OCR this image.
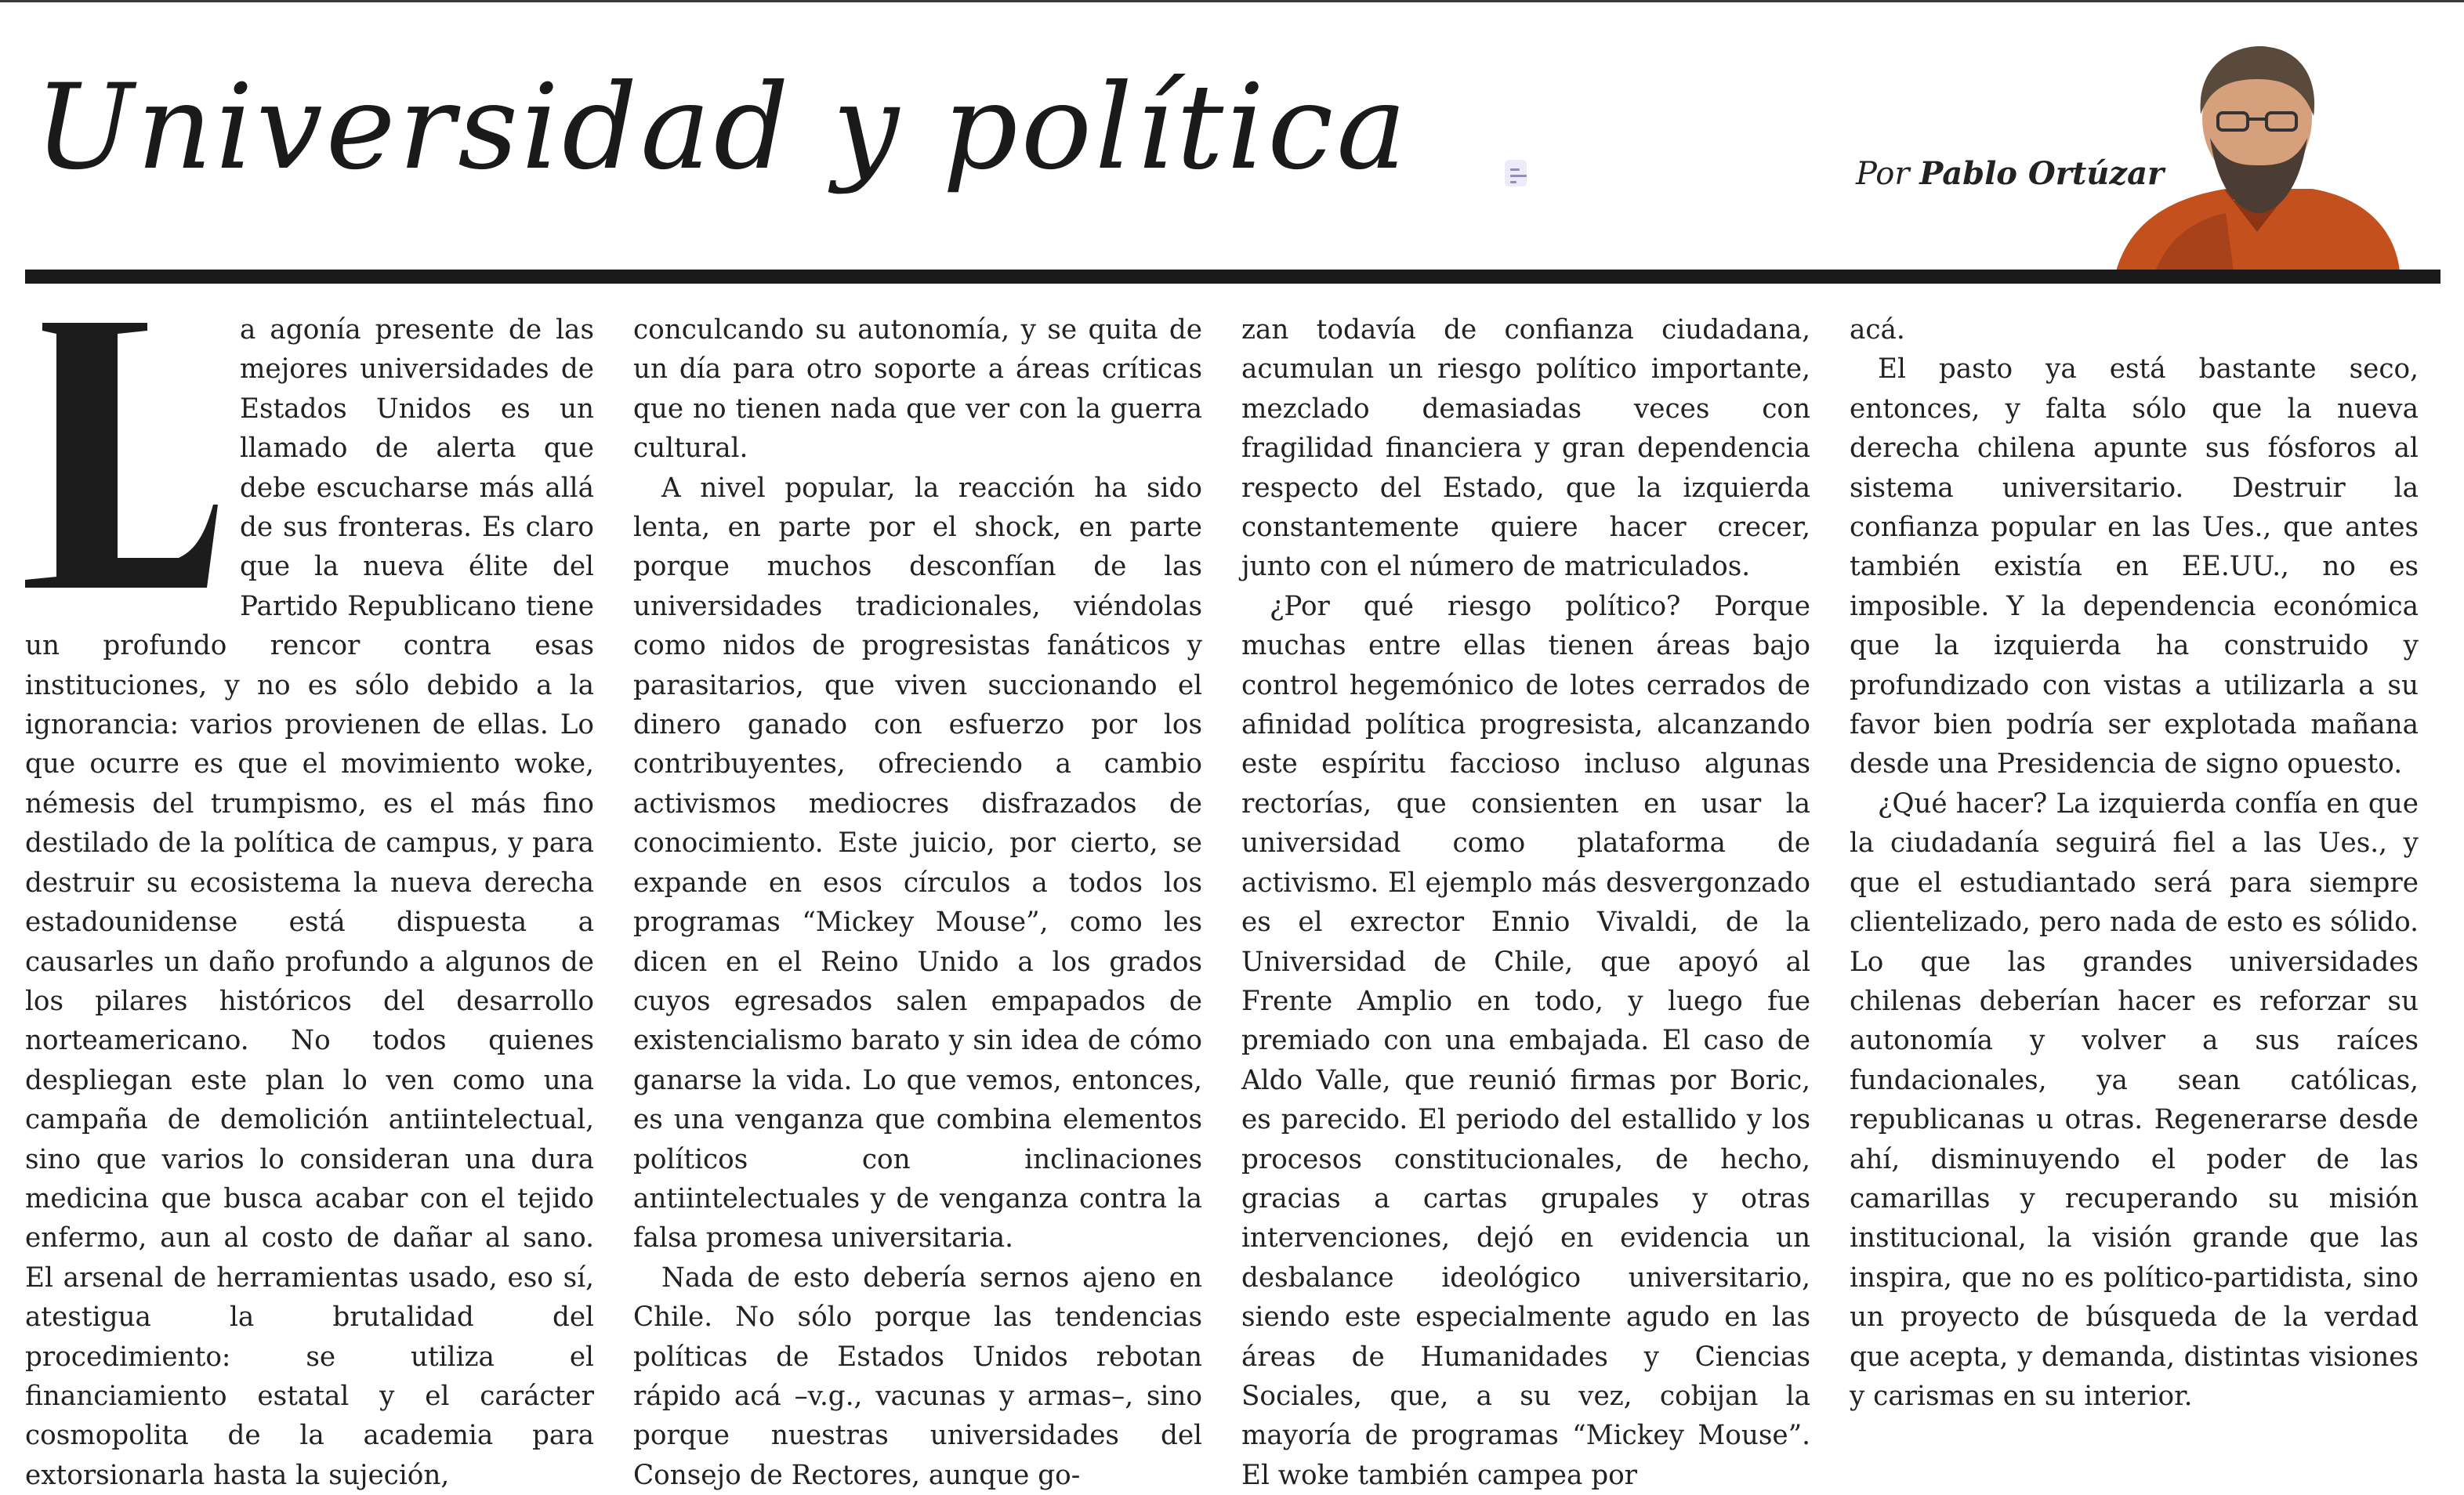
Universidad y política	Por Pablo Ortúzar

a agonía presente de las mejores universidades de Estados Unidos es un llamado de alerta que debe escucharse más allá de sus fronteras. Es claro que la nueva élite del Partido Republicano tiene un profundo rencor contra esas instituciones, y no es sólo debido a la ignorancia: varios provienen de ellas. Lo que ocurre es que el movimiento woke, némesis del trumpismo, es el más fino destilado de la política de campus, y para destruir su ecosistema la nueva derecha estadounidense está dispuesta a causarles un daño profundo a algunos de los pilares históricos del desarrollo norteamericano. No todos quienes despliegan este plan lo ven como una campaña de demolición antiintelectual, sino que varios lo consideran una dura medicina que busca acabar con el tejido enfermo, aun al costo de dañar al sano. El arsenal de herramientas usado, eso sí, atestigua la brutalidad del procedimiento: se utiliza el financiamiento estatal y el carácter cosmopolita de la academia para extorsionarla hasta la sujeción,

conculcando su autonomía, y se quita de un día para otro soporte a áreas críticas que no tienen nada que ver con la guerra cultural.

A nivel popular, la reacción ha sido lenta, en parte por el shock, en parte porque muchos desconfían de las universidades tradicionales, viéndolas como nidos de progresistas fanáticos y parasitarios, que viven succionando el dinero ganado con esfuerzo por los contribuyentes, ofreciendo a cambio activismos mediocres disfrazados de conocimiento. Este juicio, por cierto, se expande en esos círculos a todos los programas “Mickey Mouse”, como les dicen en el Reino Unido a los grados cuyos egresados salen empapados de existencialismo barato y sin idea de cómo ganarse la vida. Lo que vemos, entonces, es una venganza que combina elementos políticos con inclinaciones antiintelectuales y de venganza contra la falsa promesa universitaria.

Nada de esto debería sernos ajeno en Chile. No sólo porque las tendencias políticas de Estados Unidos rebotan rápido acá –v.g., vacunas y armas–, sino porque nuestras universidades del Consejo de Rectores, aunque go-

zan todavía de confianza ciudadana, acumulan un riesgo político importante, mezclado demasiadas veces con fragilidad financiera y gran dependencia respecto del Estado, que la izquierda constantemente quiere hacer crecer, junto con el número de matriculados.

¿Por qué riesgo político? Porque muchas entre ellas tienen áreas bajo control hegemónico de lotes cerrados de afinidad política progresista, alcanzando este espíritu faccioso incluso algunas rectorías, que consienten en usar la universidad como plataforma de activismo. El ejemplo más desvergonzado es el exrector Ennio Vivaldi, de la Universidad de Chile, que apoyó al Frente Amplio en todo, y luego fue premiado con una embajada. El caso de Aldo Valle, que reunió firmas por Boric, es parecido. El periodo del estallido y los procesos constitucionales, de hecho, gracias a cartas grupales y otras intervenciones, dejó en evidencia un desbalance ideológico universitario, siendo este especialmente agudo en las áreas de Humanidades y Ciencias Sociales, que, a su vez, cobijan la mayoría de programas “Mickey Mouse”. El woke también campea por

acá.

El pasto ya está bastante seco, entonces, y falta sólo que la nueva derecha chilena apunte sus fósforos al sistema universitario. Destruir la confianza popular en las Ues., que antes también existía en EE.UU., no es imposible. Y la dependencia económica que la izquierda ha construido y profundizado con vistas a utilizarla a su favor bien podría ser explotada mañana desde una Presidencia de signo opuesto.

¿Qué hacer? La izquierda confía en que la ciudadanía seguirá fiel a las Ues., y que el estudiantado será para siempre clientelizado, pero nada de esto es sólido. Lo que las grandes universidades chilenas deberían hacer es reforzar su autonomía y volver a sus raíces fundacionales, ya sean católicas, republicanas u otras. Regenerarse desde ahí, disminuyendo el poder de las camarillas y recuperando su misión institucional, la visión grande que las inspira, que no es político-partidista, sino un proyecto de búsqueda de la verdad que acepta, y demanda, distintas visiones y carismas en su interior.
